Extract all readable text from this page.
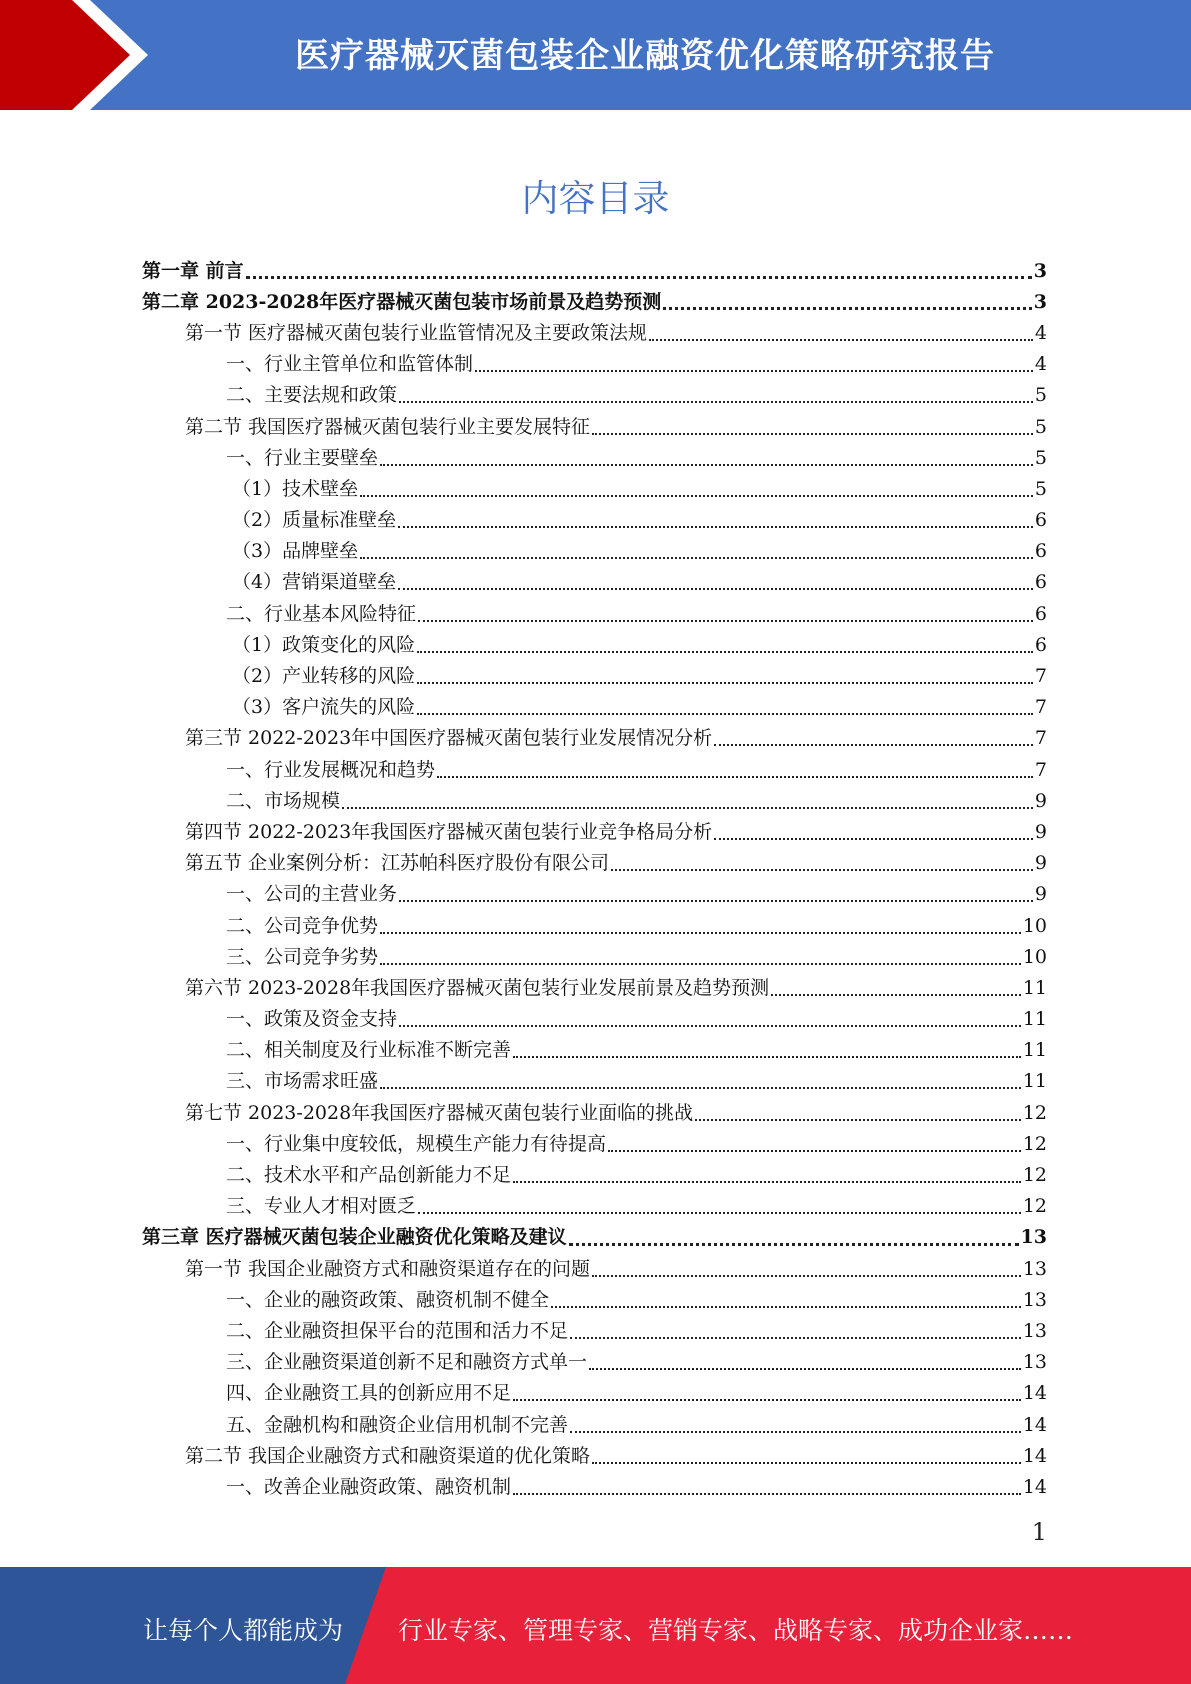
医疗器械灭菌包装企业融资优化策略研究报告
内容目录
第一章 前言	3
第二章 2023-2028年医疗器械灭菌包装市场前景及趋势预测	3
第一节 医疗器械灭菌包装行业监管情况及主要政策法规	4
一、行业主管单位和监管体制	4
二、主要法规和政策	5
第二节 我国医疗器械灭菌包装行业主要发展特征	5
一、行业主要壁垒	5
（1）技术壁垒	5
（2）质量标准壁垒	6
（3）品牌壁垒	6
（4）营销渠道壁垒	6
二、行业基本风险特征	6
（1）政策变化的风险	6
（2）产业转移的风险	7
（3）客户流失的风险	7
第三节 2022-2023年中国医疗器械灭菌包装行业发展情况分析	7
一、行业发展概况和趋势	7
二、市场规模	9
第四节 2022-2023年我国医疗器械灭菌包装行业竞争格局分析	9
第五节 企业案例分析：江苏帕科医疗股份有限公司	9
一、公司的主营业务	9
二、公司竞争优势	10
三、公司竞争劣势	10
第六节 2023-2028年我国医疗器械灭菌包装行业发展前景及趋势预测	11
一、政策及资金支持	11
二、相关制度及行业标准不断完善	11
三、市场需求旺盛	11
第七节 2023-2028年我国医疗器械灭菌包装行业面临的挑战	12
一、行业集中度较低，规模生产能力有待提高	12
二、技术水平和产品创新能力不足	12
三、专业人才相对匮乏	12
第三章 医疗器械灭菌包装企业融资优化策略及建议	13
第一节 我国企业融资方式和融资渠道存在的问题	13
一、企业的融资政策、融资机制不健全	13
二、企业融资担保平台的范围和活力不足	13
三、企业融资渠道创新不足和融资方式单一	13
四、企业融资工具的创新应用不足	14
五、金融机构和融资企业信用机制不完善	14
第二节 我国企业融资方式和融资渠道的优化策略	14
一、改善企业融资政策、融资机制	14
1
让每个人都能成为 行业专家、管理专家、营销专家、战略专家、成功企业家……
